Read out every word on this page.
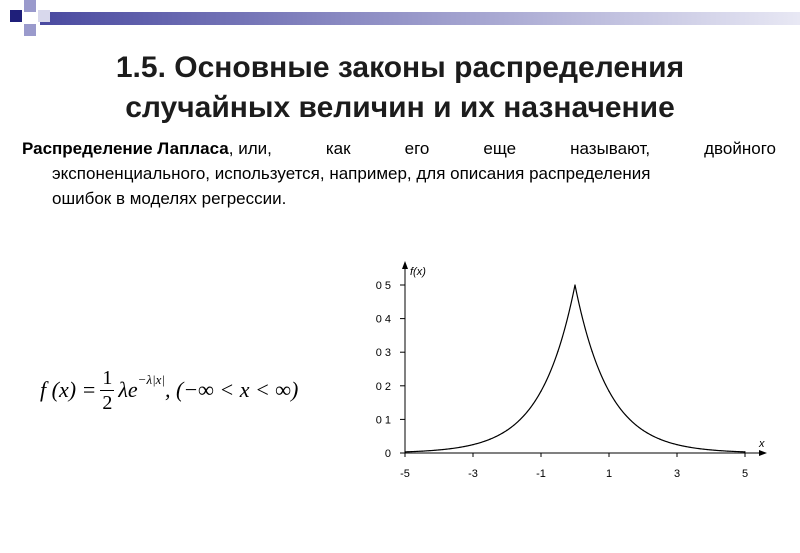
1.5. Основные законы распределения
случайных величин и их назначение
Распределение Лапласа, или,	как	его	еще	называют,	двойного
экспоненциального, используется, например, для описания распределения
ошибок в моделях регрессии.
f $(x) = \frac{1}{2}$ λe −λ|x| , (−∞ < x < ∞)
-5	-3	-1	1	3	5
0
0 1
0 2
0 3
0 4
0 5
x
f(x)
